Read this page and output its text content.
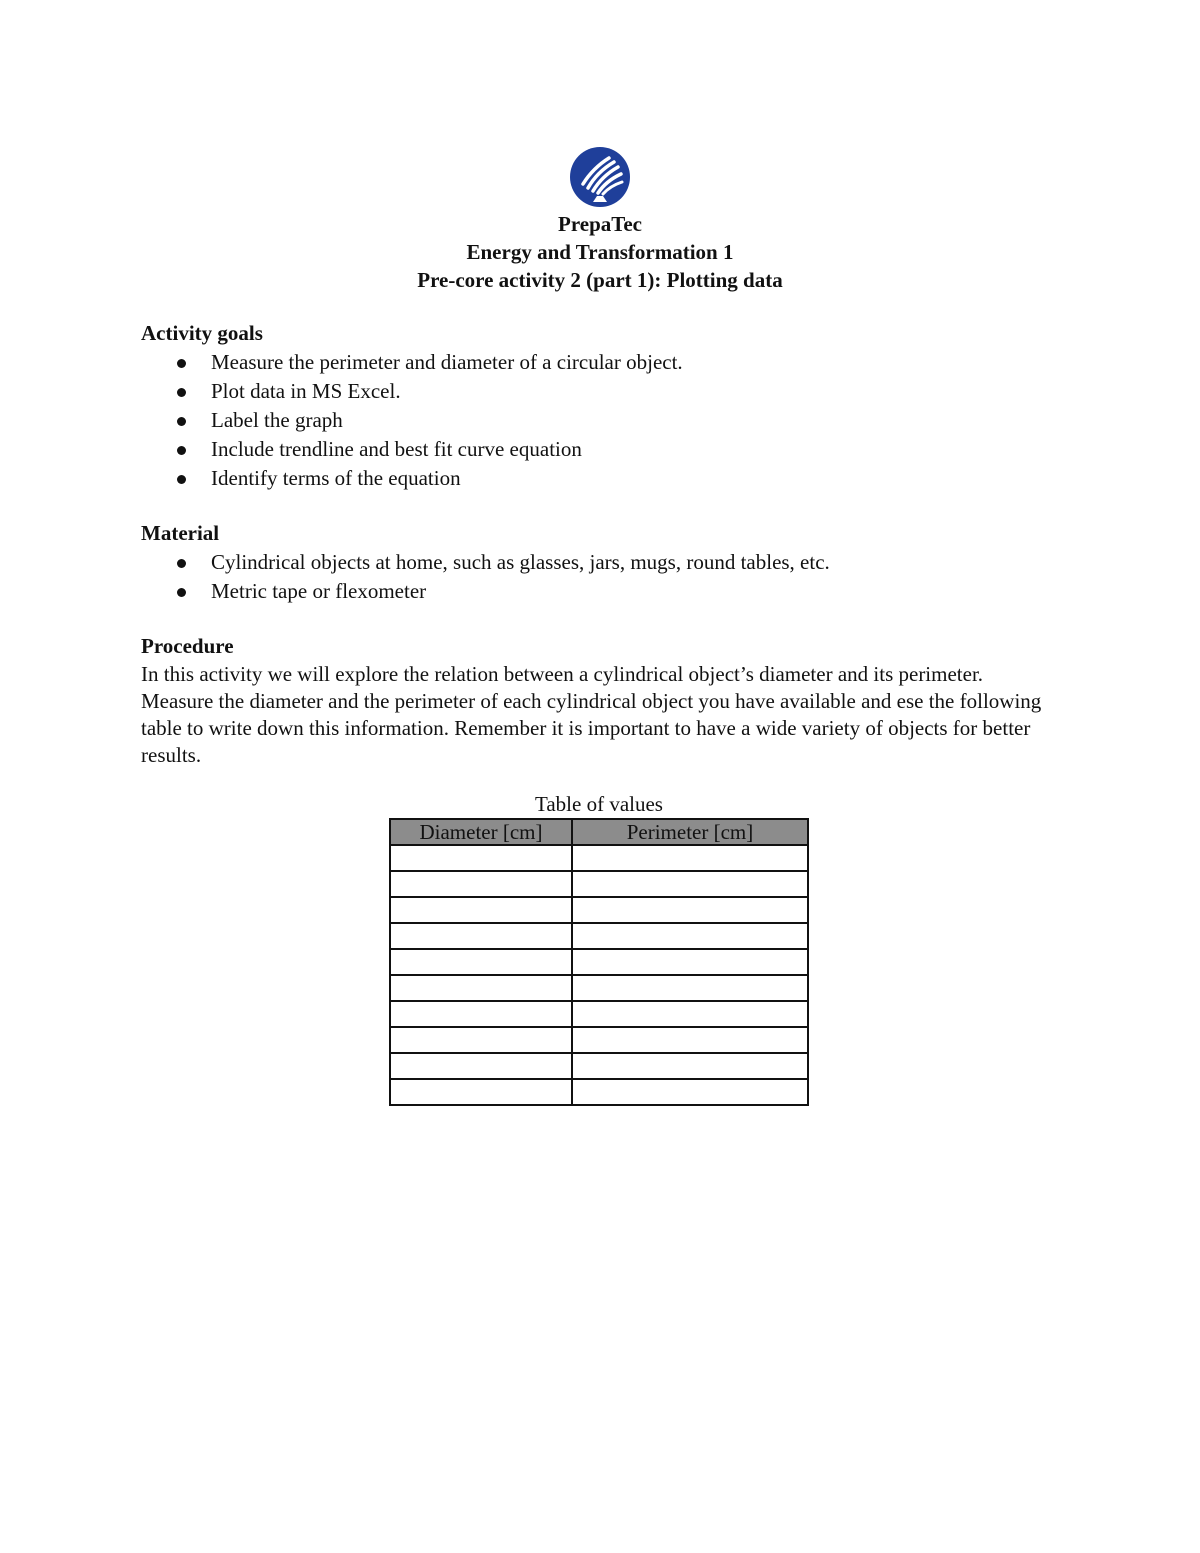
PrepaTec
Energy and Transformation 1
Pre-core activity 2 (part 1): Plotting data
Activity goals
Measure the perimeter and diameter of a circular object.
Plot data in MS Excel.
Label the graph
Include trendline and best fit curve equation
Identify terms of the equation
Material
Cylindrical objects at home, such as glasses, jars, mugs, round tables, etc.
Metric tape or flexometer
Procedure

In this activity we will explore the relation between a cylindrical object’s diameter and its perimeter. Measure the diameter and the perimeter of each cylindrical object you have available and ese the following table to write down this information. Remember it is important to have a wide variety of objects for better results.

Table of values
Diameter [cm]	Perimeter [cm]
